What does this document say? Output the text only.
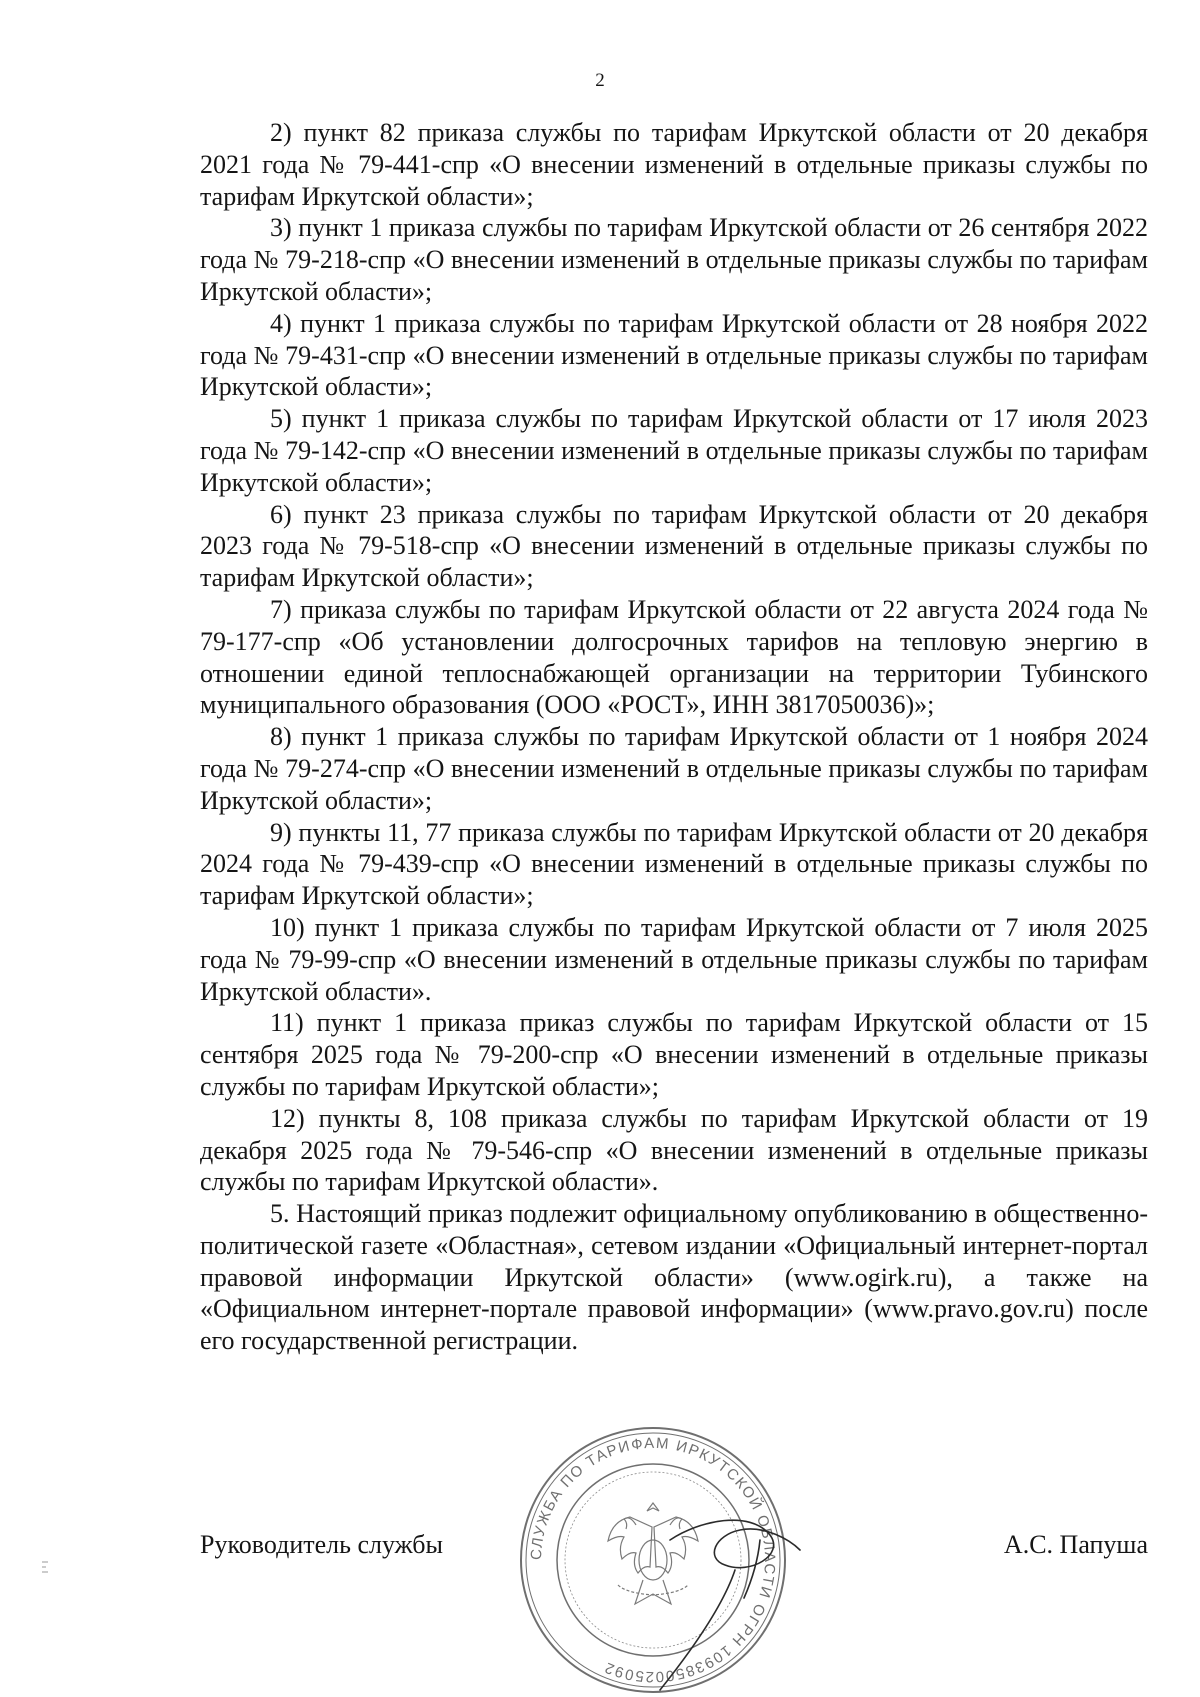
2

2) пункт 82 приказа службы по тарифам Иркутской области от 20 декабря 2021 года № 79-441-спр «О внесении изменений в отдельные приказы службы по тарифам Иркутской области»;

3) пункт 1 приказа службы по тарифам Иркутской области от 26 сентября 2022 года № 79-218-спр «О внесении изменений в отдельные приказы службы по тарифам Иркутской области»;

4) пункт 1 приказа службы по тарифам Иркутской области от 28 ноября 2022 года № 79-431-спр «О внесении изменений в отдельные приказы службы по тарифам Иркутской области»;

5) пункт 1 приказа службы по тарифам Иркутской области от 17 июля 2023 года № 79-142-спр «О внесении изменений в отдельные приказы службы по тарифам Иркутской области»;

6) пункт 23 приказа службы по тарифам Иркутской области от 20 декабря 2023 года № 79-518-спр «О внесении изменений в отдельные приказы службы по тарифам Иркутской области»;

7) приказа службы по тарифам Иркутской области от 22 августа 2024 года № 79-177-спр «Об установлении долгосрочных тарифов на тепловую энергию в отношении единой теплоснабжающей организации на территории Тубинского муниципального образования (ООО «РОСТ», ИНН 3817050036)»;

8) пункт 1 приказа службы по тарифам Иркутской области от 1 ноября 2024 года № 79-274-спр «О внесении изменений в отдельные приказы службы по тарифам Иркутской области»;

9) пункты 11, 77 приказа службы по тарифам Иркутской области от 20 декабря 2024 года № 79-439-спр «О внесении изменений в отдельные приказы службы по тарифам Иркутской области»;

10) пункт 1 приказа службы по тарифам Иркутской области от 7 июля 2025 года № 79-99-спр «О внесении изменений в отдельные приказы службы по тарифам Иркутской области».

11) пункт 1 приказа приказ службы по тарифам Иркутской области от 15 сентября 2025 года № 79-200-спр «О внесении изменений в отдельные приказы службы по тарифам Иркутской области»;

12) пункты 8, 108 приказа службы по тарифам Иркутской области от 19 декабря 2025 года № 79-546-спр «О внесении изменений в отдельные приказы службы по тарифам Иркутской области».

5. Настоящий приказ подлежит официальному опубликованию в общественно-политической газете «Областная», сетевом издании «Официальный интернет-портал правовой информации Иркутской области» (www.ogirk.ru), а также на «Официальном интернет-портале правовой информации» (www.pravo.gov.ru) после его государственной регистрации.

Руководитель службы	А.С. Папуша
СЛУЖБА ПО ТАРИФАМ ИРКУТСКОЙ ОБЛАСТИ ОГРН 1093850025092
